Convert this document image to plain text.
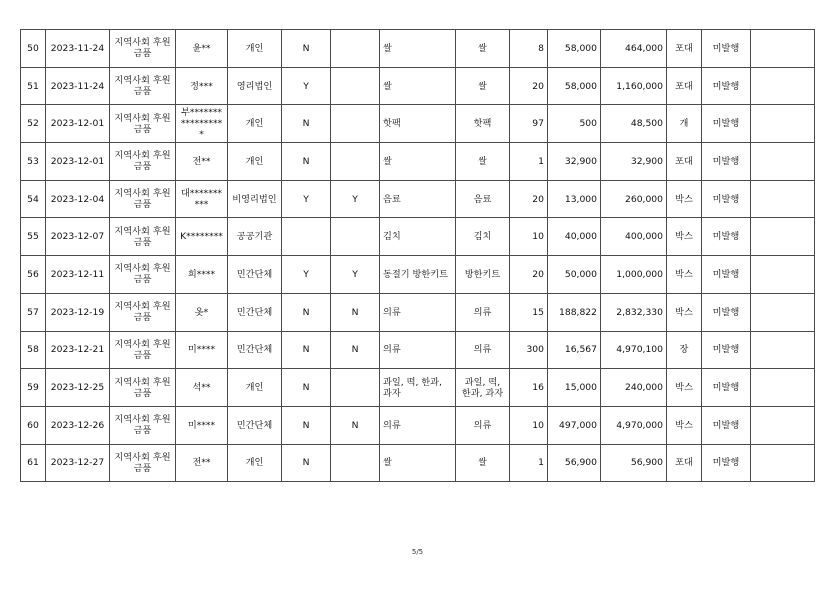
50	2023-11-24	지역사회 후원금품	윤**	개인	N		쌀	쌀	8	58,000	464,000	포대	미발행	
51	2023-11-24	지역사회 후원금품	정***	영리법인	Y		쌀	쌀	20	58,000	1,160,000	포대	미발행	
52	2023-12-01	지역사회 후원금품	부*****************	개인	N		핫팩	핫팩	97	500	48,500	개	미발행	
53	2023-12-01	지역사회 후원금품	전**	개인	N		쌀	쌀	1	32,900	32,900	포대	미발행	
54	2023-12-04	지역사회 후원금품	대**********	비영리법인	Y	Y	음료	음료	20	13,000	260,000	박스	미발행	
55	2023-12-07	지역사회 후원금품	K********	공공기관			김치	김치	10	40,000	400,000	박스	미발행	
56	2023-12-11	지역사회 후원금품	희****	민간단체	Y	Y	동절기 방한키트	방한키트	20	50,000	1,000,000	박스	미발행	
57	2023-12-19	지역사회 후원금품	옷*	민간단체	N	N	의류	의류	15	188,822	2,832,330	박스	미발행	
58	2023-12-21	지역사회 후원금품	미****	민간단체	N	N	의류	의류	300	16,567	4,970,100	장	미발행	
59	2023-12-25	지역사회 후원금품	석**	개인	N		과일, 떡, 한과, 과자	과일, 떡, 한과, 과자	16	15,000	240,000	박스	미발행	
60	2023-12-26	지역사회 후원금품	미****	민간단체	N	N	의류	의류	10	497,000	4,970,000	박스	미발행	
61	2023-12-27	지역사회 후원금품	전**	개인	N		쌀	쌀	1	56,900	56,900	포대	미발행	
5/5
